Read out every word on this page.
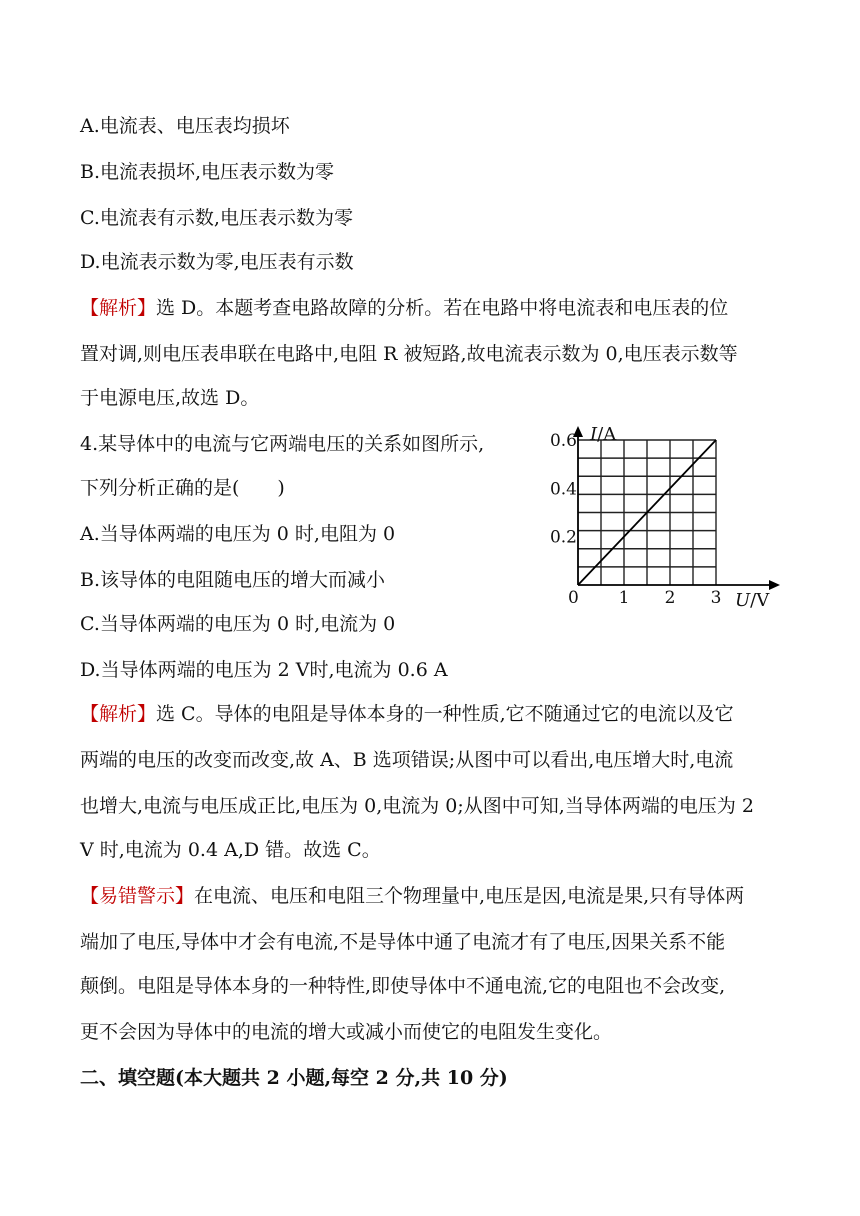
A.电流表、电压表均损坏
B.电流表损坏,电压表示数为零
C.电流表有示数,电压表示数为零
D.电流表示数为零,电压表有示数
【解析】选 D。本题考查电路故障的分析。若在电路中将电流表和电压表的位
置对调,则电压表串联在电路中,电阻 R 被短路,故电流表示数为 0,电压表示数等
于电源电压,故选 D。
4.某导体中的电流与它两端电压的关系如图所示,
下列分析正确的是(　　)
A.当导体两端的电压为 0 时,电阻为 0
B.该导体的电阻随电压的增大而减小
C.当导体两端的电压为 0 时,电流为 0
D.当导体两端的电压为 2 V时,电流为 0.6 A
I/A
U/V
0 1 2 3
0.2
0.4
0.6
【解析】选 C。导体的电阻是导体本身的一种性质,它不随通过它的电流以及它
两端的电压的改变而改变,故 A、B 选项错误;从图中可以看出,电压增大时,电流
也增大,电流与电压成正比,电压为 0,电流为 0;从图中可知,当导体两端的电压为 2
V 时,电流为 0.4 A,D 错。故选 C。
【易错警示】在电流、电压和电阻三个物理量中,电压是因,电流是果,只有导体两
端加了电压,导体中才会有电流,不是导体中通了电流才有了电压,因果关系不能
颠倒。电阻是导体本身的一种特性,即使导体中不通电流,它的电阻也不会改变,
更不会因为导体中的电流的增大或减小而使它的电阻发生变化。
二、填空题(本大题共 2 小题,每空 2 分,共 10 分)
